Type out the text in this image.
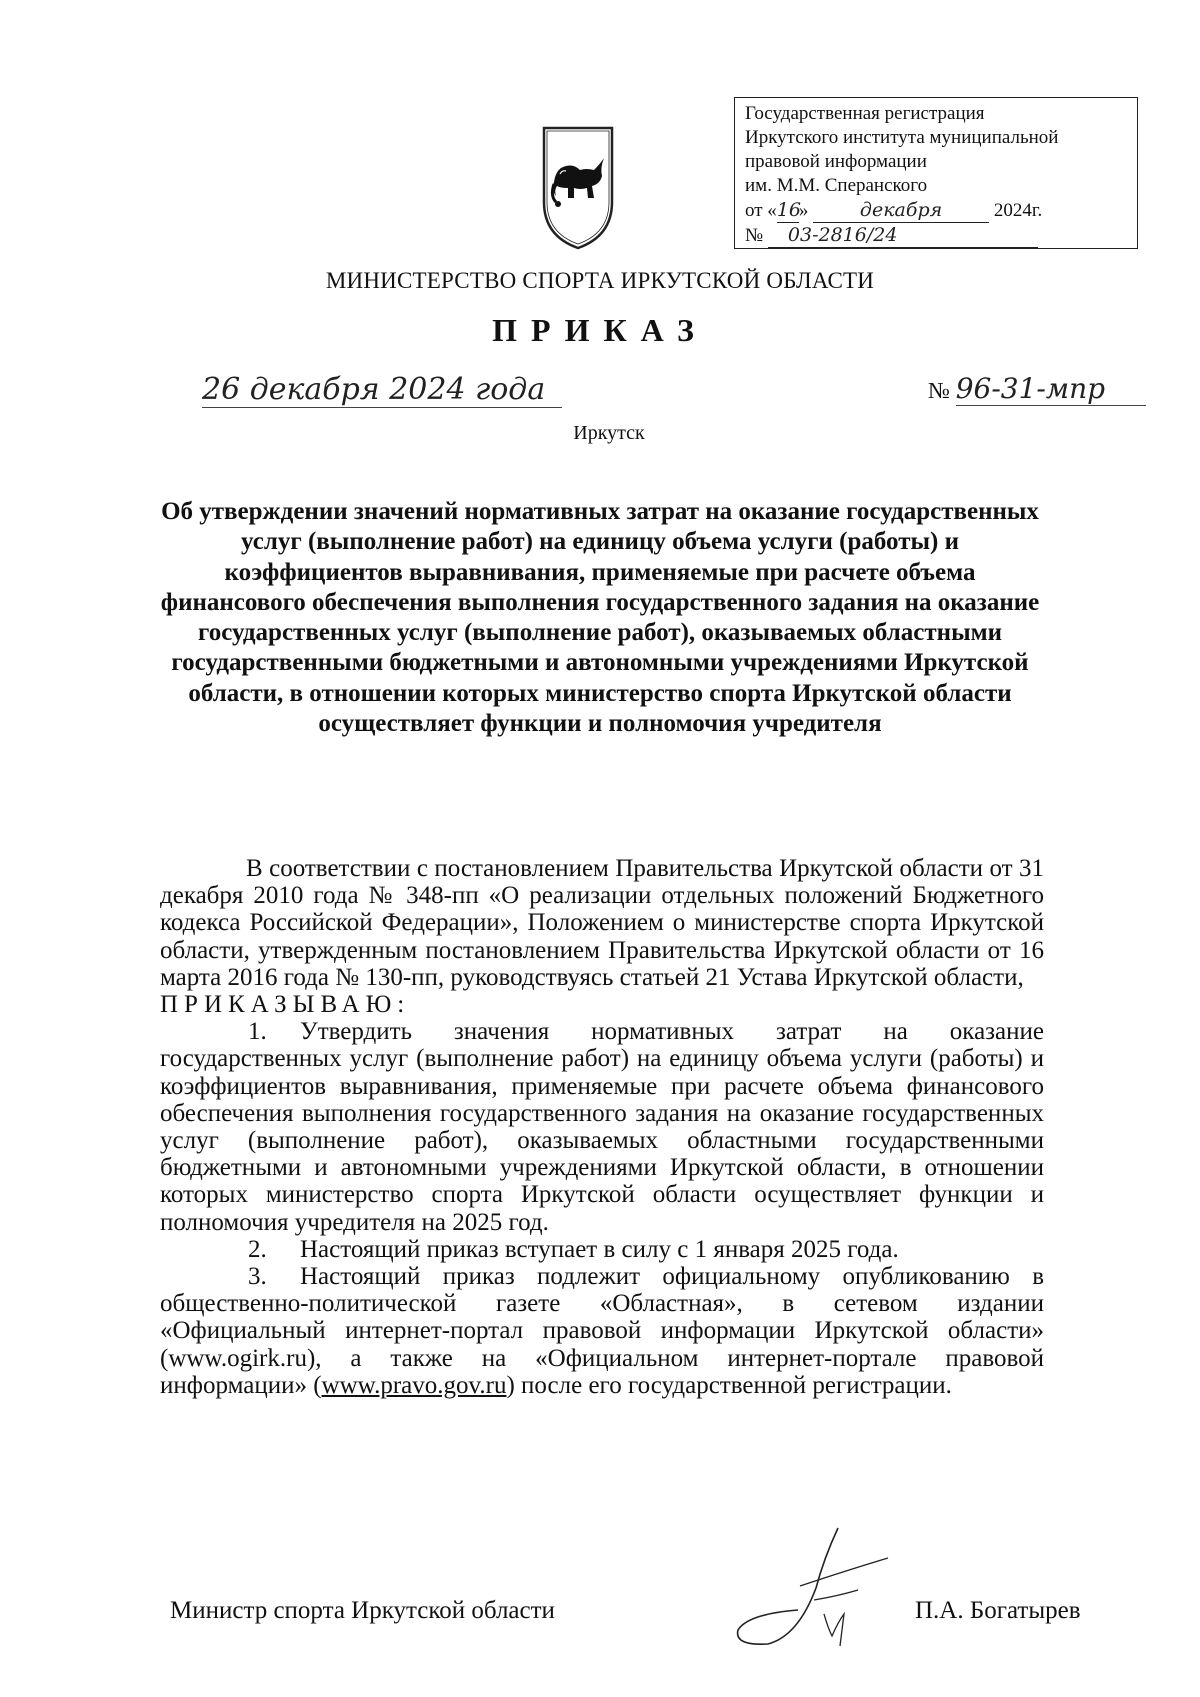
Государственная регистрация
Иркутского института муниципальной
правовой информации
им. М.М. Сперанского
от «16»	декабря	2024г.
№ 03-2816/24
МИНИСТЕРСТВО СПОРТА ИРКУТСКОЙ ОБЛАСТИ
ПРИКАЗ
26 декабря 2024 года	№ 96-31-мпр
Иркутск
Об утверждении значений нормативных затрат на оказание государственных услуг (выполнение работ) на единицу объема услуги (работы) и коэффициентов выравнивания, применяемые при расчете объема финансового обеспечения выполнения государственного задания на оказание государственных услуг (выполнение работ), оказываемых областными государственными бюджетными и автономными учреждениями Иркутской области, в отношении которых министерство спорта Иркутской области осуществляет функции и полномочия учредителя

В соответствии с постановлением Правительства Иркутской области от 31 декабря 2010 года № 348-пп «О реализации отдельных положений Бюджетного кодекса Российской Федерации», Положением о министерстве спорта Иркутской области, утвержденным постановлением Правительства Иркутской области от 16 марта 2016 года № 130-пп, руководствуясь статьей 21 Устава Иркутской области,

ПРИКАЗЫВАЮ:

1. Утвердить значения нормативных затрат на оказание государственных услуг (выполнение работ) на единицу объема услуги (работы) и коэффициентов выравнивания, применяемые при расчете объема финансового обеспечения выполнения государственного задания на оказание государственных услуг (выполнение работ), оказываемых областными государственными бюджетными и автономными учреждениями Иркутской области, в отношении которых министерство спорта Иркутской области осуществляет функции и полномочия учредителя на 2025 год.

2. Настоящий приказ вступает в силу с 1 января 2025 года.

3. Настоящий приказ подлежит официальному опубликованию в общественно-политической газете «Областная», в сетевом издании «Официальный интернет-портал правовой информации Иркутской области» (www.ogirk.ru), а также на «Официальном интернет-портале правовой информации» (www.pravo.gov.ru) после его государственной регистрации.

Министр спорта Иркутской области	П.А. Богатырев
